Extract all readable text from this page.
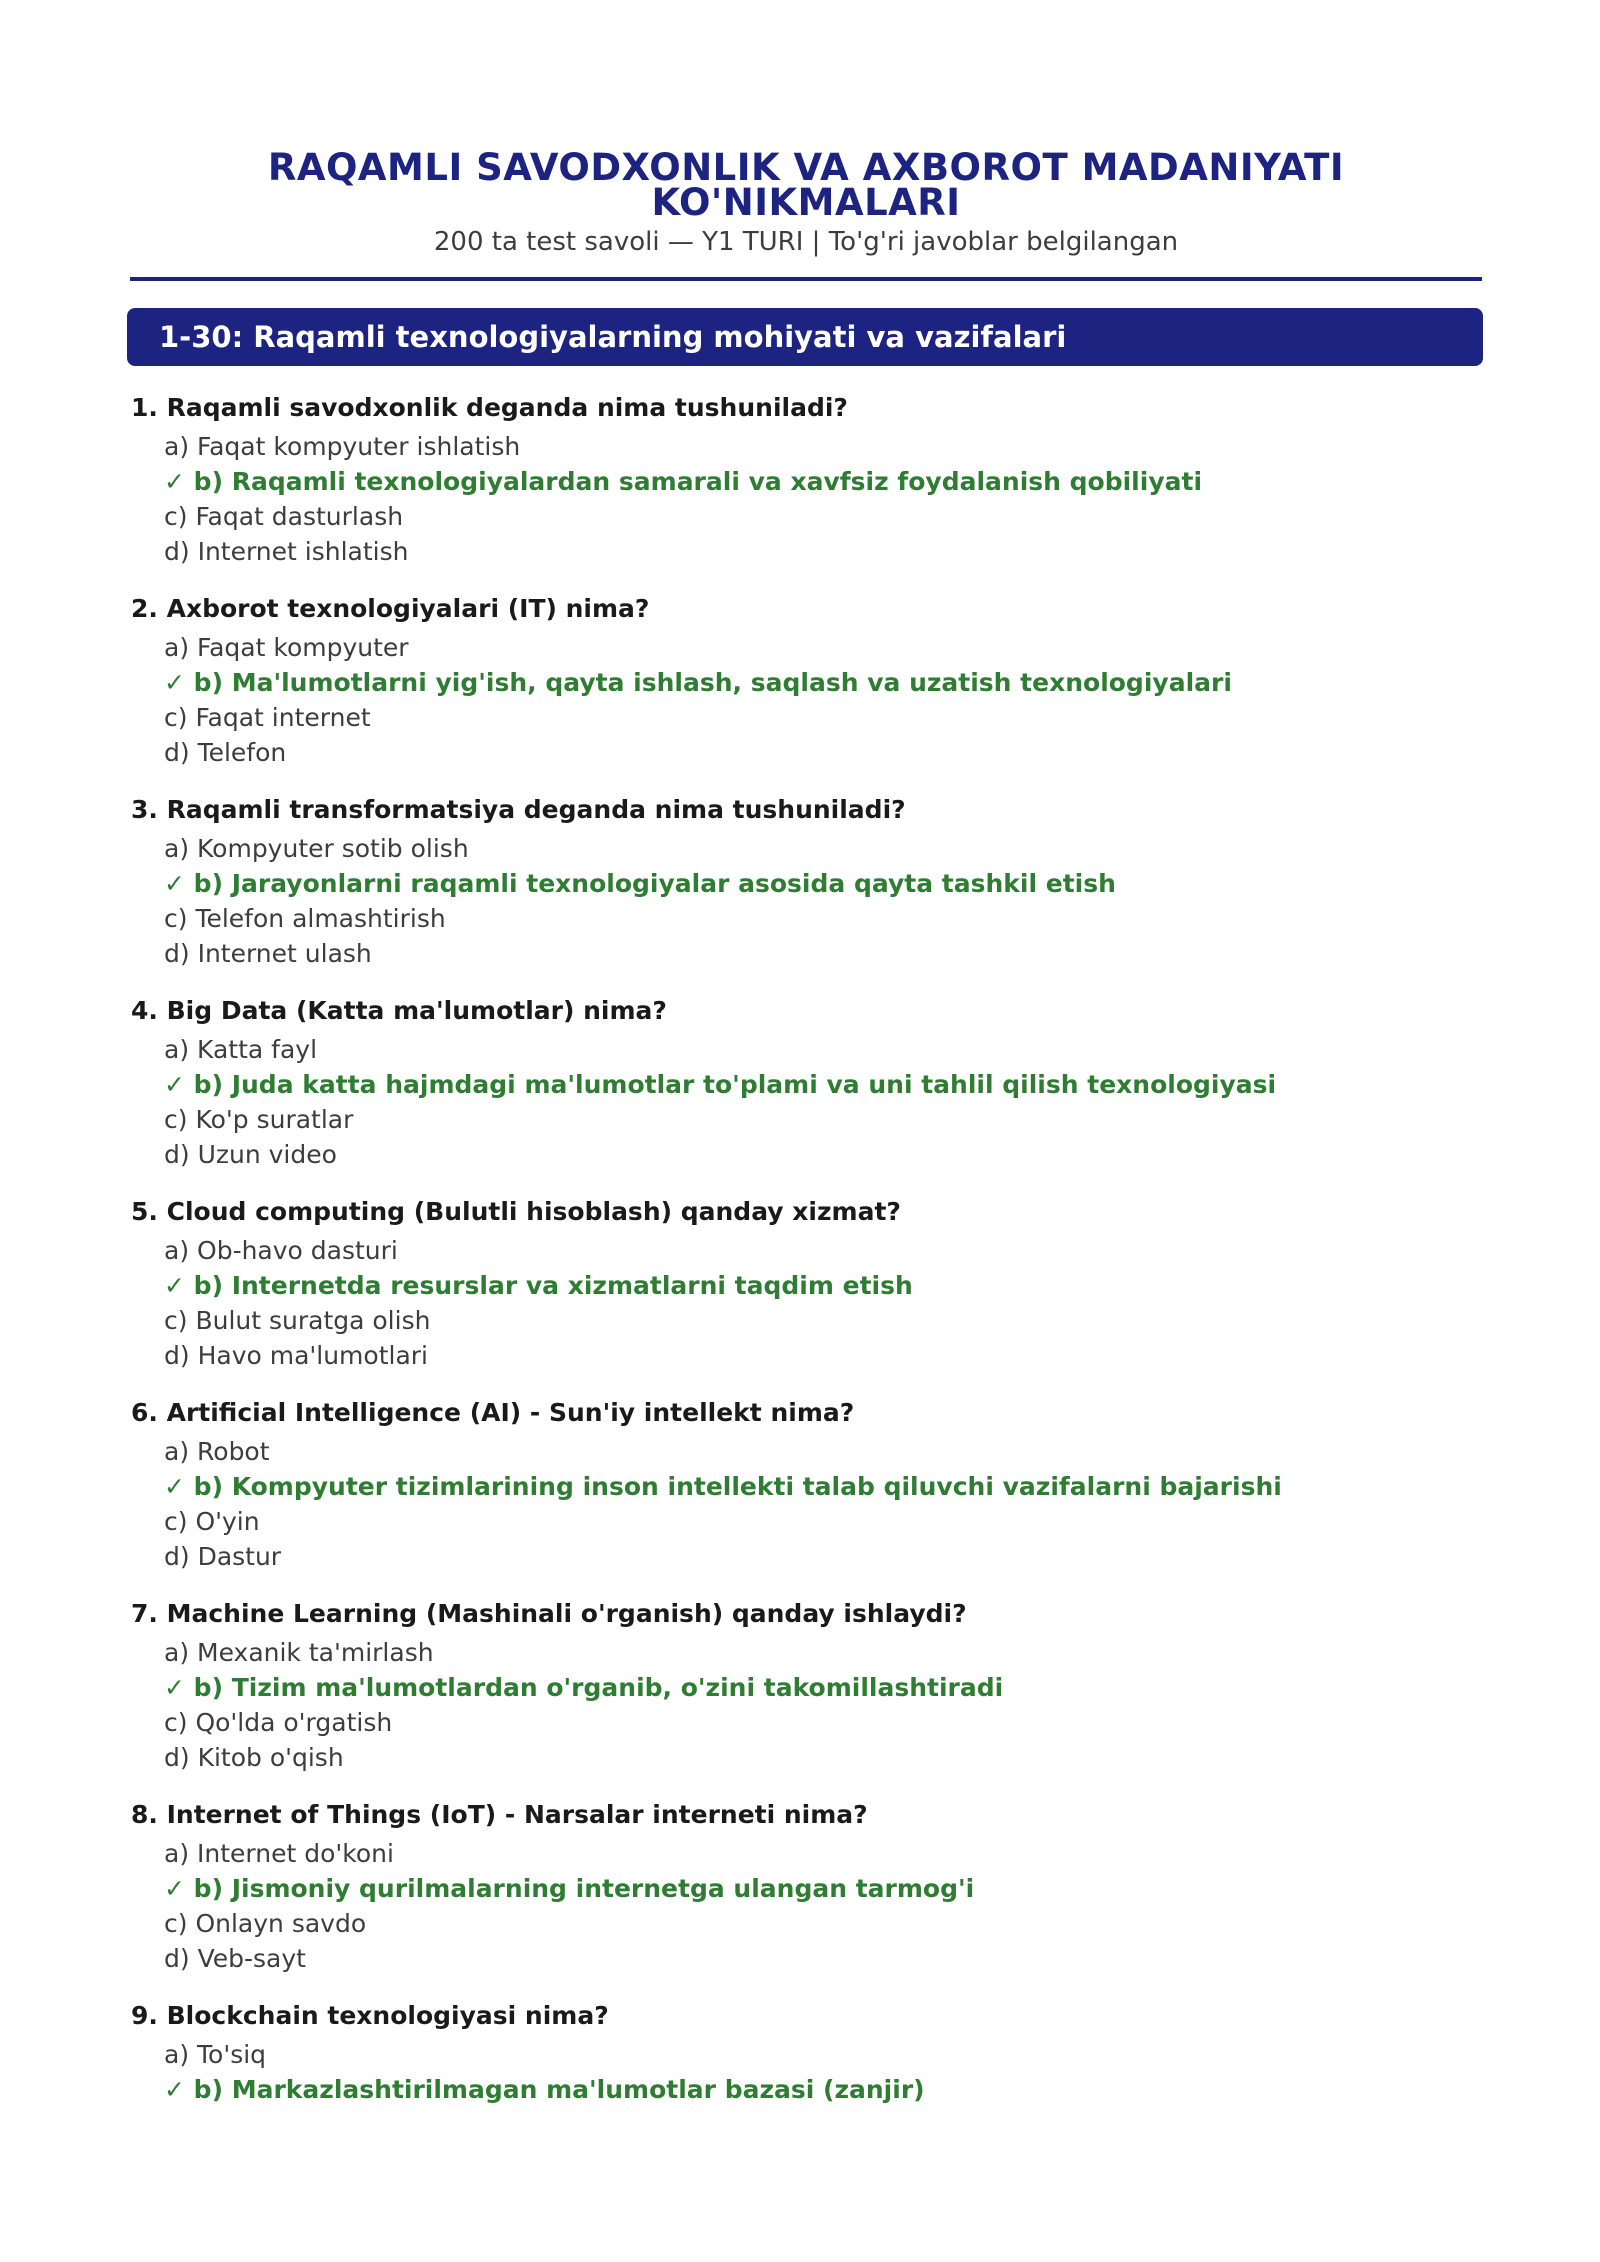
RAQAMLI SAVODXONLIK VA AXBOROT MADANIYATI
KO'NIKMALARI
200 ta test savoli — Y1 TURI | To'g'ri javoblar belgilangan
1-30: Raqamli texnologiyalarning mohiyati va vazifalari
1. Raqamli savodxonlik deganda nima tushuniladi?
a) Faqat kompyuter ishlatish
✓ b) Raqamli texnologiyalardan samarali va xavfsiz foydalanish qobiliyati
c) Faqat dasturlash
d) Internet ishlatish
2. Axborot texnologiyalari (IT) nima?
a) Faqat kompyuter
✓ b) Ma'lumotlarni yig'ish, qayta ishlash, saqlash va uzatish texnologiyalari
c) Faqat internet
d) Telefon
3. Raqamli transformatsiya deganda nima tushuniladi?
a) Kompyuter sotib olish
✓ b) Jarayonlarni raqamli texnologiyalar asosida qayta tashkil etish
c) Telefon almashtirish
d) Internet ulash
4. Big Data (Katta ma'lumotlar) nima?
a) Katta fayl
✓ b) Juda katta hajmdagi ma'lumotlar to'plami va uni tahlil qilish texnologiyasi
c) Ko'p suratlar
d) Uzun video
5. Cloud computing (Bulutli hisoblash) qanday xizmat?
a) Ob-havo dasturi
✓ b) Internetda resurslar va xizmatlarni taqdim etish
c) Bulut suratga olish
d) Havo ma'lumotlari
6. Artificial Intelligence (AI) - Sun'iy intellekt nima?
a) Robot
✓ b) Kompyuter tizimlarining inson intellekti talab qiluvchi vazifalarni bajarishi
c) O'yin
d) Dastur
7. Machine Learning (Mashinali o'rganish) qanday ishlaydi?
a) Mexanik ta'mirlash
✓ b) Tizim ma'lumotlardan o'rganib, o'zini takomillashtiradi
c) Qo'lda o'rgatish
d) Kitob o'qish
8. Internet of Things (IoT) - Narsalar interneti nima?
a) Internet do'koni
✓ b) Jismoniy qurilmalarning internetga ulangan tarmog'i
c) Onlayn savdo
d) Veb-sayt
9. Blockchain texnologiyasi nima?
a) To'siq
✓ b) Markazlashtirilmagan ma'lumotlar bazasi (zanjir)
